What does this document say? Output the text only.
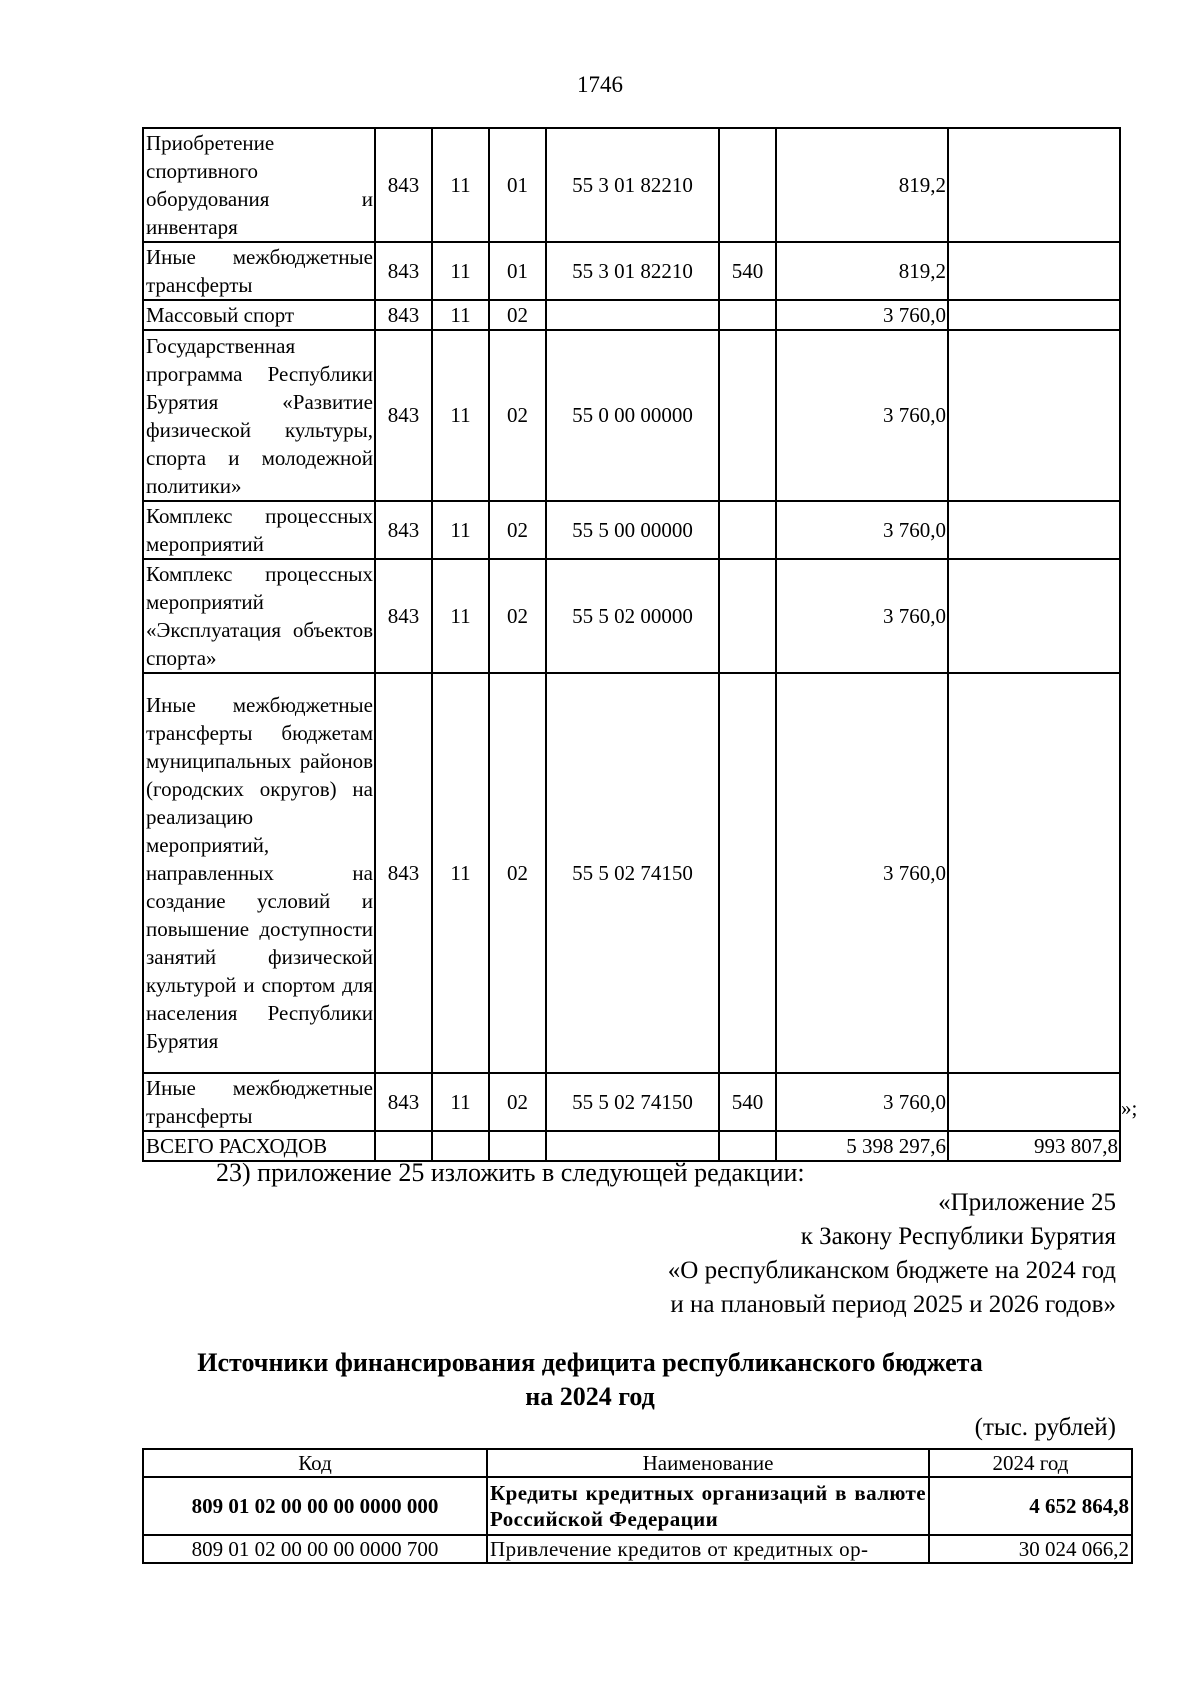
1746
Приобретение спортивного оборудования и инвентаря	843	11	01	55 3 01 82210		819,2	
Иные межбюджетные трансферты	843	11	01	55 3 01 82210	540	819,2	
Массовый спорт	843	11	02			3 760,0	
Государственная программа Республики Бурятия «Развитие физической культуры, спорта и молодежной политики»	843	11	02	55 0 00 00000		3 760,0	
Комплекс процессных мероприятий	843	11	02	55 5 00 00000		3 760,0	
Комплекс процессных мероприятий «Эксплуатация объектов спорта»	843	11	02	55 5 02 00000		3 760,0	
Иные межбюджетные трансферты бюджетам муниципальных районов (городских округов) на реализацию мероприятий, направленных на создание условий и повышение доступности занятий физической культурой и спортом для населения Республики Бурятия	843	11	02	55 5 02 74150		3 760,0	
Иные межбюджетные трансферты	843	11	02	55 5 02 74150	540	3 760,0	
ВСЕГО РАСХОДОВ						5 398 297,6	993 807,8
»;
23) приложение 25 изложить в следующей редакции:
«Приложение 25
к Закону Республики Бурятия
«О республиканском бюджете на 2024 год
и на плановый период 2025 и 2026 годов»
Источники финансирования дефицита республиканского бюджета
на 2024 год
(тыс. рублей)
Код	Наименование	2024 год
809 01 02 00 00 00 0000 000	Кредиты кредитных организаций в валюте Российской Федерации	4 652 864,8
809 01 02 00 00 00 0000 700	Привлечение кредитов от кредитных ор-	30 024 066,2
